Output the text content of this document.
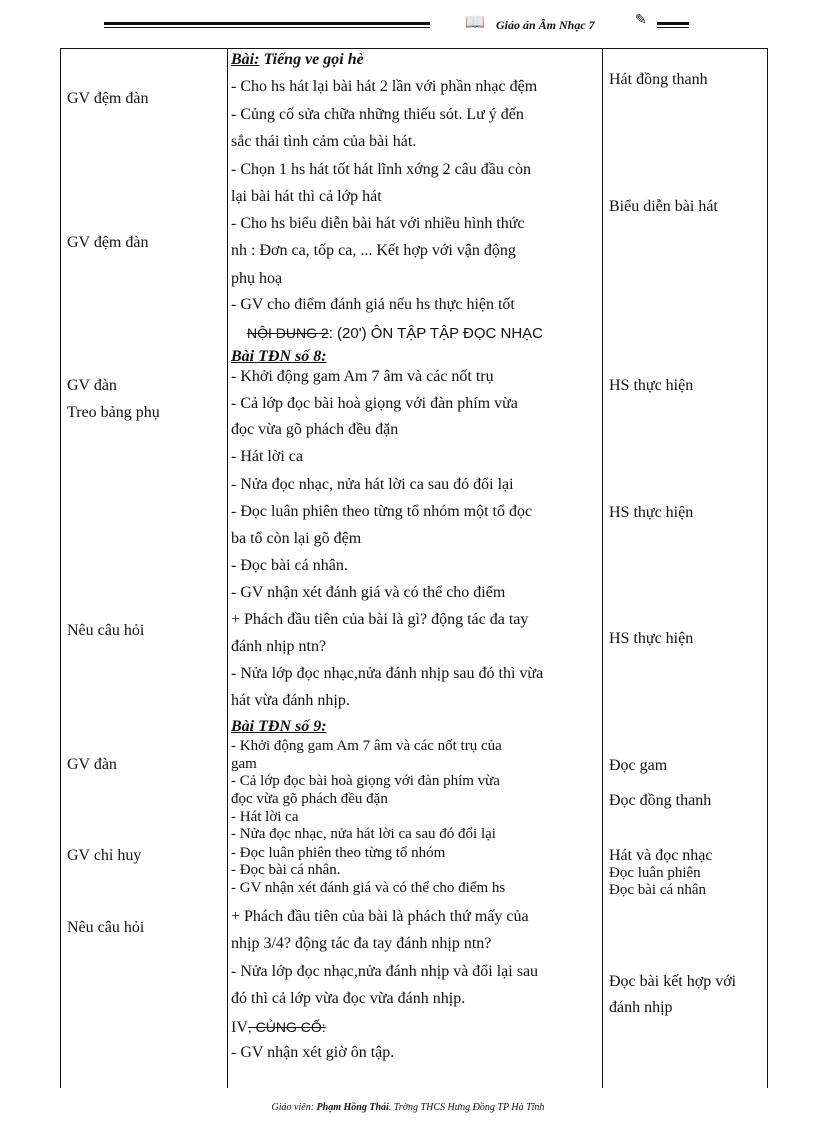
📖 Giáo án Âm Nhạc 7	✎
GV đệm đàn
GV đệm đàn
GV đàn
Treo bảng phụ
Nêu câu hỏi
GV đàn
GV chỉ huy
Nêu câu hỏi
Bài: Tiếng ve gọi hè
- Cho hs hát lại bài hát 2 lần với phần nhạc đệm
- Củng cố sửa chữa những thiếu sót. Lư ý đến
sắc thái tình cảm của bài hát.
- Chọn 1 hs hát tốt hát lĩnh xớng 2 câu đầu còn
lại bài hát thì cả lớp hát
- Cho hs biểu diễn bài hát với nhiều hình thức
nh : Đơn ca, tốp ca, ... Kết hợp với vận động
phụ hoạ
- GV cho điểm đánh giá nếu hs thực hiện tốt
NỘI DUNG 2: (20') ÔN TẬP TẬP ĐỌC NHẠC
Bài TĐN số 8:
- Khởi động gam Am 7 âm và các nốt trụ
- Cả lớp đọc bài hoà giọng với đàn phím vừa
đọc vừa gõ phách đều đặn
- Hát lời ca
- Nửa đọc nhạc, nửa hát lời ca sau đó đổi lại
- Đọc luân phiên theo từng tổ nhóm một tổ đọc
ba tổ còn lại gõ đệm
- Đọc bài cá nhân.
- GV nhận xét đánh giá và có thể cho điểm
+ Phách đầu tiên của bài là gì? động tác đa tay
đánh nhịp ntn?
- Nửa lớp đọc nhạc,nửa đánh nhịp sau đó thì vừa
hát vừa đánh nhịp.
Bài TĐN số 9:
- Khởi động gam Am 7 âm và các nốt trụ của
gam
- Cả lớp đọc bài hoà giọng với đàn phím vừa
đọc vừa gõ phách đều đặn
- Hát lời ca
- Nửa đọc nhạc, nửa hát lời ca sau đó đổi lại
- Đọc luân phiên theo từng tổ nhóm
- Đọc bài cá nhân.
- GV nhận xét đánh giá và có thể cho điểm hs
+ Phách đầu tiên của bài là phách thứ mấy của
nhịp 3/4? động tác đa tay đánh nhịp ntn?
- Nửa lớp đọc nhạc,nửa đánh nhịp và đổi lại sau
đó thì cả lớp vừa đọc vừa đánh nhịp.
IV, CỦNG CỐ:
- GV nhận xét giờ ôn tập.
Hát đồng thanh
Biểu diễn bài hát
HS thực hiện
HS thực hiện
HS thực hiện
Đọc gam
Đọc đồng thanh
Hát và đọc nhạc
Đọc luân phiên
Đọc bài cá nhân
Đọc bài kết hợp với
đánh nhịp
Giáo viên: Phạm Hồng Thái. Trờng THCS Hưng Đồng TP Hà Tĩnh
